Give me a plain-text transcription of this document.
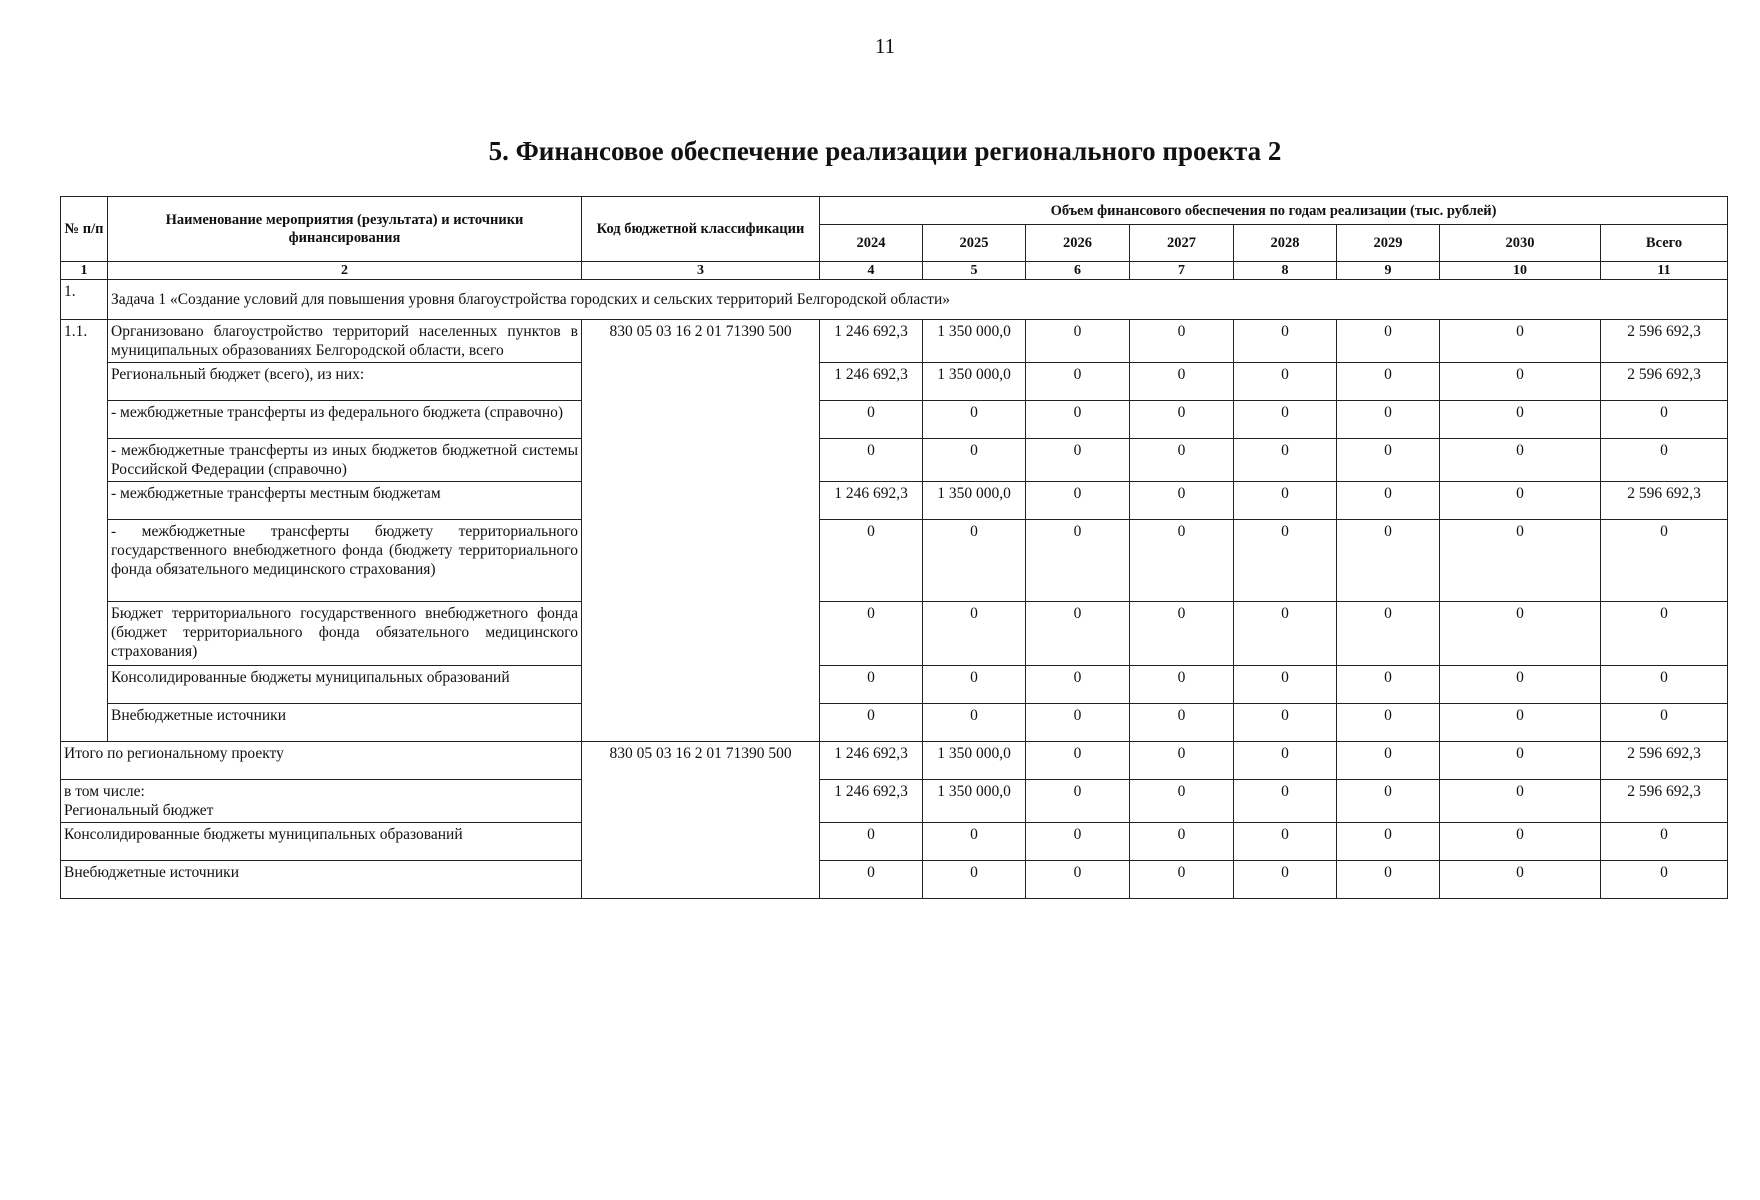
11
5. Финансовое обеспечение реализации регионального проекта 2
№ п/п	Наименование мероприятия (результата) и источники финансирования	Код бюджетной классификации	Объем финансового обеспечения по годам реализации (тыс. рублей)							
			2024	2025	2026	2027	2028	2029	2030	Всего
1	2	3	4	5	6	7	8	9	10	11
1.	Задача 1 «Создание условий для повышения уровня благоустройства городских и сельских территорий Белгородской области»									
1.1.	Организовано благоустройство территорий населенных пунктов в муниципальных образованиях Белгородской области, всего	830 05 03 16 2 01 71390 500	1 246 692,3	1 350 000,0	0	0	0	0	0	2 596 692,3
	Региональный бюджет (всего), из них:		1 246 692,3	1 350 000,0	0	0	0	0	0	2 596 692,3
	- межбюджетные трансферты из федерального бюджета (справочно)		0	0	0	0	0	0	0	0
	- межбюджетные трансферты из иных бюджетов бюджетной системы Российской Федерации (справочно)		0	0	0	0	0	0	0	0
	- межбюджетные трансферты местным бюджетам		1 246 692,3	1 350 000,0	0	0	0	0	0	2 596 692,3
	- межбюджетные трансферты бюджету территориального государственного внебюджетного фонда (бюджету территориального фонда обязательного медицинского страхования)		0	0	0	0	0	0	0	0
	Бюджет территориального государственного внебюджетного фонда (бюджет территориального фонда обязательного медицинского страхования)		0	0	0	0	0	0	0	0
	Консолидированные бюджеты муниципальных образований		0	0	0	0	0	0	0	0
	Внебюджетные источники		0	0	0	0	0	0	0	0
Итого по региональному проекту		830 05 03 16 2 01 71390 500	1 246 692,3	1 350 000,0	0	0	0	0	0	2 596 692,3

в том числе:
Региональный бюджет			1 246 692,3	1 350 000,0	0	0	0	0	0	2 596 692,3
Консолидированные бюджеты муниципальных образований			0	0	0	0	0	0	0	0
Внебюджетные источники			0	0	0	0	0	0	0	0
